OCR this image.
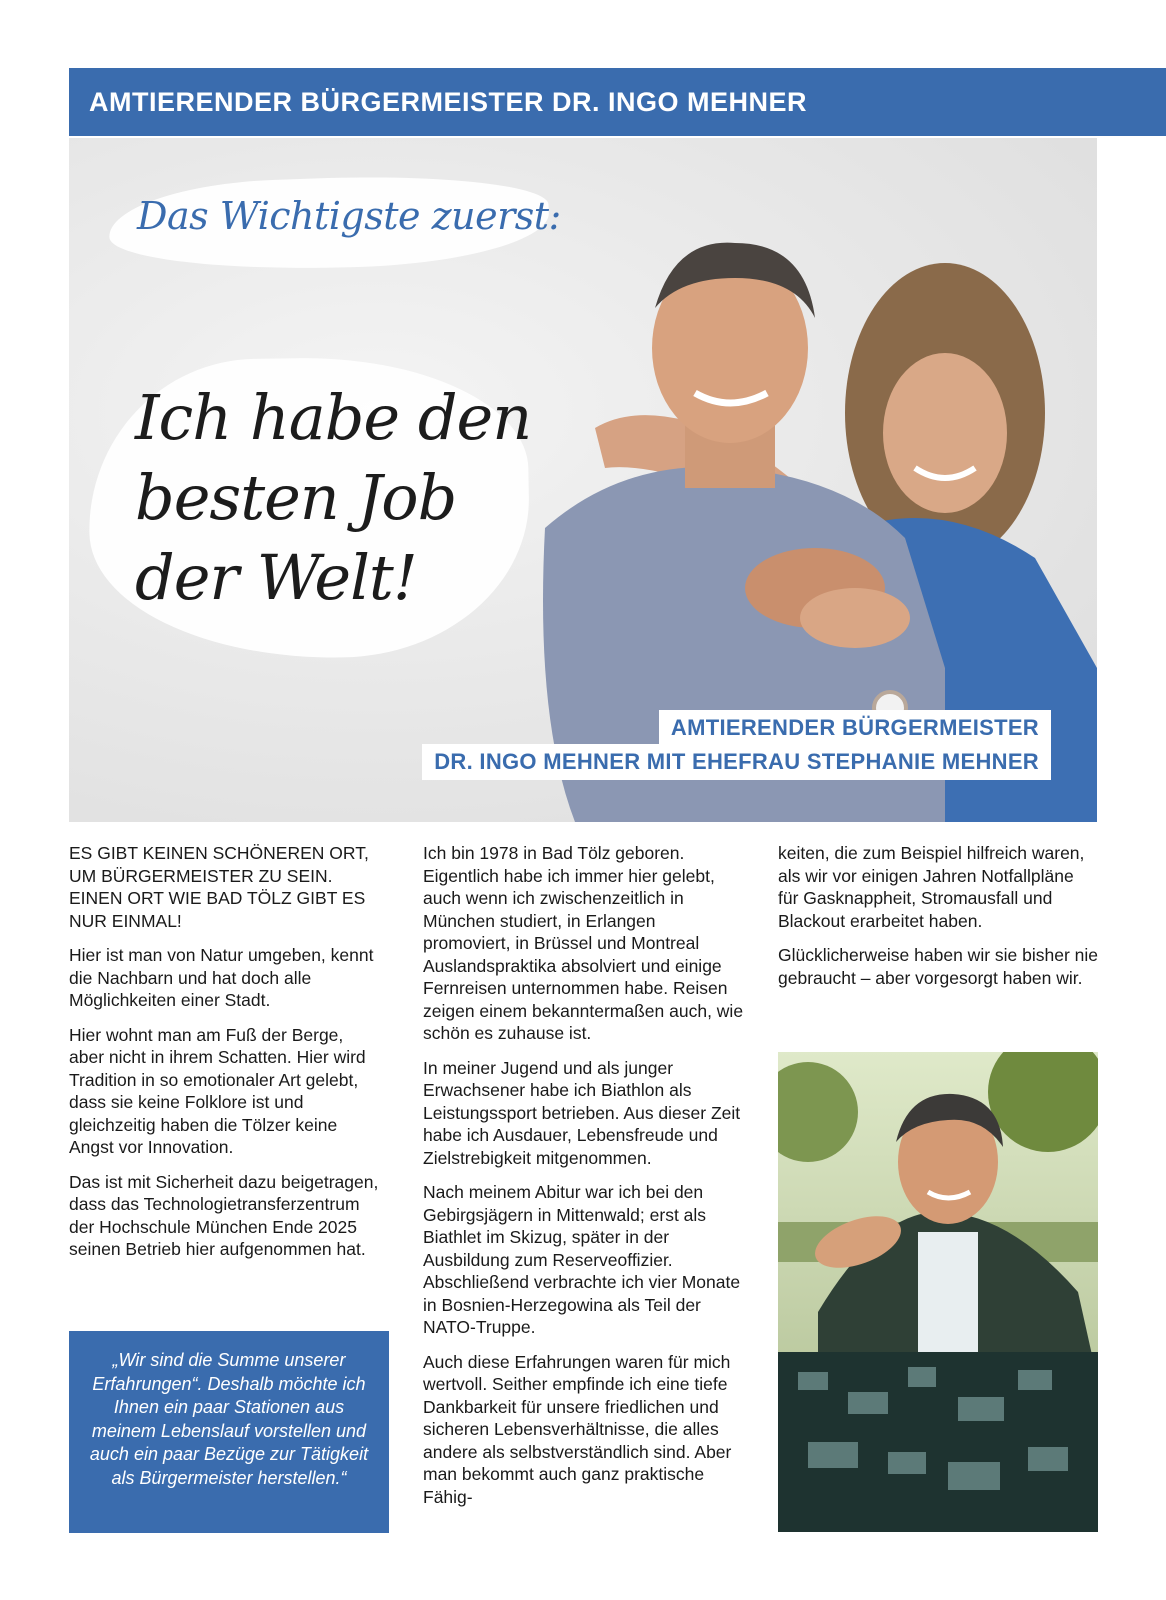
AMTIERENDER BÜRGERMEISTER DR. INGO MEHNER
Das Wichtigste zuerst:
Ich habe den
besten Job
der Welt!
AMTIERENDER BÜRGERMEISTER
DR. INGO MEHNER MIT EHEFRAU STEPHANIE MEHNER

ES GIBT KEINEN SCHÖNEREN ORT, UM BÜRGERMEISTER ZU SEIN. EINEN ORT WIE BAD TÖLZ GIBT ES NUR EINMAL!

Hier ist man von Natur umgeben, kennt die Nachbarn und hat doch alle Möglichkeiten einer Stadt.

Hier wohnt man am Fuß der Berge, aber nicht in ihrem Schatten. Hier wird Tradition in so emotionaler Art gelebt, dass sie keine Folklore ist und gleichzeitig haben die Tölzer keine Angst vor Innovation.

Das ist mit Sicherheit dazu beigetragen, dass das Technologietransferzentrum der Hochschule München Ende 2025 seinen Betrieb hier aufgenommen hat.

„Wir sind die Summe unserer Erfahrungen“. Deshalb möchte ich Ihnen ein paar Stationen aus meinem Lebenslauf vorstellen und auch ein paar Bezüge zur Tätigkeit als Bürgermeister herstellen.“

Ich bin 1978 in Bad Tölz geboren. Eigentlich habe ich immer hier gelebt, auch wenn ich zwischenzeitlich in München studiert, in Erlangen promoviert, in Brüssel und Montreal Auslandspraktika absolviert und einige Fernreisen unternommen habe. Reisen zeigen einem bekanntermaßen auch, wie schön es zuhause ist.

In meiner Jugend und als junger Erwachsener habe ich Biathlon als Leistungssport betrieben. Aus dieser Zeit habe ich Ausdauer, Lebensfreude und Zielstrebigkeit mitgenommen.

Nach meinem Abitur war ich bei den Gebirgsjägern in Mittenwald; erst als Biathlet im Skizug, später in der Ausbildung zum Reserveoffizier. Abschließend verbrachte ich vier Monate in Bosnien-Herzegowina als Teil der NATO-Truppe.

Auch diese Erfahrungen waren für mich wertvoll. Seither empfinde ich eine tiefe Dankbarkeit für unsere friedlichen und sicheren Lebensverhältnisse, die alles andere als selbstverständlich sind. Aber man bekommt auch ganz praktische Fähig-

keiten, die zum Beispiel hilfreich waren, als wir vor einigen Jahren Notfallpläne für Gasknappheit, Stromausfall und Blackout erarbeitet haben.

Glücklicherweise haben wir sie bisher nie gebraucht – aber vorgesorgt haben wir.
